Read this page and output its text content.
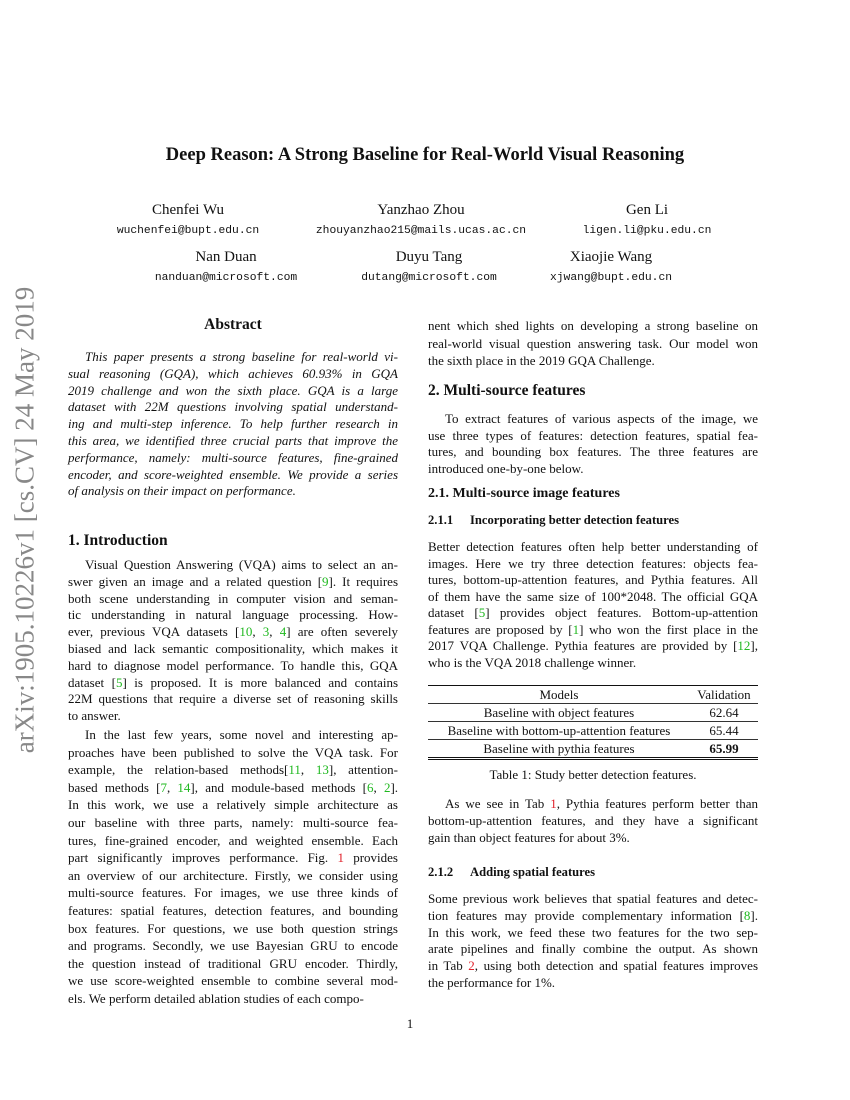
arXiv:1905.10226v1 [cs.CV] 24 May 2019
Deep Reason: A Strong Baseline for Real-World Visual Reasoning
Chenfei Wu
wuchenfei@bupt.edu.cn
Yanzhao Zhou
zhouyanzhao215@mails.ucas.ac.cn
Gen Li
ligen.li@pku.edu.cn
Nan Duan
nanduan@microsoft.com
Duyu Tang
dutang@microsoft.com
Xiaojie Wang
xjwang@bupt.edu.cn
Abstract
This paper presents a strong baseline for real-world vi-
sual reasoning (GQA), which achieves 60.93% in GQA
2019 challenge and won the sixth place. GQA is a large
dataset with 22M questions involving spatial understand-
ing and multi-step inference. To help further research in
this area, we identified three crucial parts that improve the
performance, namely: multi-source features, fine-grained
encoder, and score-weighted ensemble. We provide a series
of analysis on their impact on performance.
1. Introduction
Visual Question Answering (VQA) aims to select an an-
swer given an image and a related question [9]. It requires
both scene understanding in computer vision and seman-
tic understanding in natural language processing. How-
ever, previous VQA datasets [10, 3, 4] are often severely
biased and lack semantic compositionality, which makes it
hard to diagnose model performance. To handle this, GQA
dataset [5] is proposed. It is more balanced and contains
22M questions that require a diverse set of reasoning skills
to answer.
In the last few years, some novel and interesting ap-
proaches have been published to solve the VQA task. For
example, the relation-based methods[11, 13], attention-
based methods [7, 14], and module-based methods [6, 2].
In this work, we use a relatively simple architecture as
our baseline with three parts, namely: multi-source fea-
tures, fine-grained encoder, and weighted ensemble. Each
part significantly improves performance. Fig. 1 provides
an overview of our architecture. Firstly, we consider using
multi-source features. For images, we use three kinds of
features: spatial features, detection features, and bounding
box features. For questions, we use both question strings
and programs. Secondly, we use Bayesian GRU to encode
the question instead of traditional GRU encoder. Thirdly,
we use score-weighted ensemble to combine several mod-
els. We perform detailed ablation studies of each compo-
nent which shed lights on developing a strong baseline on
real-world visual question answering task. Our model won
the sixth place in the 2019 GQA Challenge.
2. Multi-source features
To extract features of various aspects of the image, we
use three types of features: detection features, spatial fea-
tures, and bounding box features. The three features are
introduced one-by-one below.
2.1. Multi-source image features
2.1.1 Incorporating better detection features
Better detection features often help better understanding of
images. Here we try three detection features: objects fea-
tures, bottom-up-attention features, and Pythia features. All
of them have the same size of 100*2048. The official GQA
dataset [5] provides object features. Bottom-up-attention
features are proposed by [1] who won the first place in the
2017 VQA Challenge. Pythia features are provided by [12],
who is the VQA 2018 challenge winner.
Models	Validation
Baseline with object features	62.64
Baseline with bottom-up-attention features	65.44
Baseline with pythia features	65.99
Table 1: Study better detection features.
As we see in Tab 1, Pythia features perform better than
bottom-up-attention features, and they have a significant
gain than object features for about 3%.
2.1.2 Adding spatial features
Some previous work believes that spatial features and detec-
tion features may provide complementary information [8].
In this work, we feed these two features for the two sep-
arate pipelines and finally combine the output. As shown
in Tab 2, using both detection and spatial features improves
the performance for 1%.
1
